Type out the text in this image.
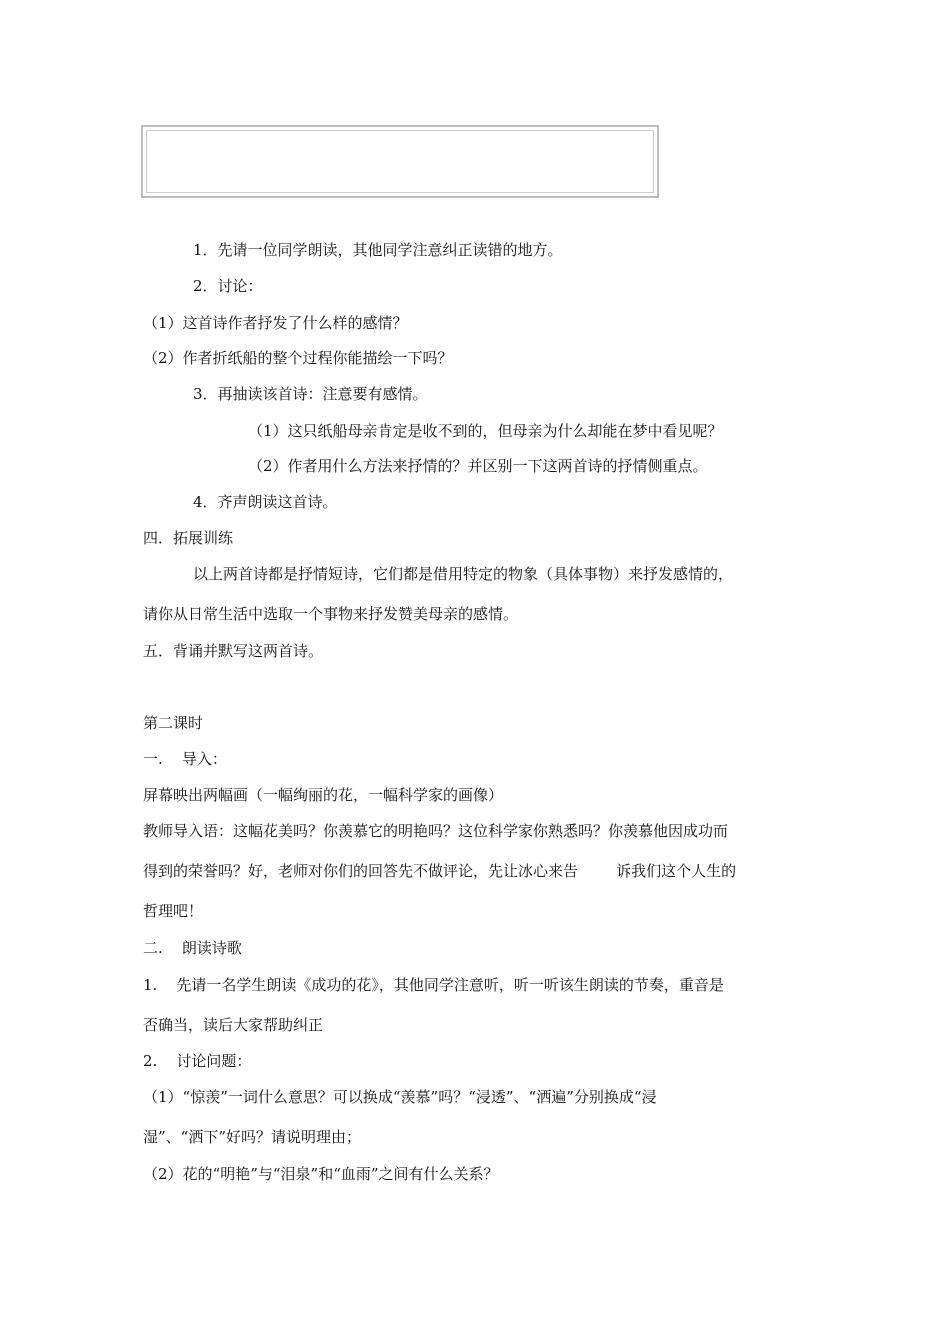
1．先请一位同学朗读，其他同学注意纠正读错的地方。
2．讨论：
（1）这首诗作者抒发了什么样的感情？
（2）作者折纸船的整个过程你能描绘一下吗？
3．再抽读该首诗：注意要有感情。
（1）这只纸船母亲肯定是收不到的，但母亲为什么却能在梦中看见呢？
（2）作者用什么方法来抒情的？并区别一下这两首诗的抒情侧重点。
4．齐声朗读这首诗。
四．拓展训练
以上两首诗都是抒情短诗，它们都是借用特定的物象（具体事物）来抒发感情的，
请你从日常生活中选取一个事物来抒发赞美母亲的感情。
五．背诵并默写这两首诗。
第二课时
一.    导入：
屏幕映出两幅画（一幅绚丽的花，一幅科学家的画像）
教师导入语：这幅花美吗？你羡慕它的明艳吗？这位科学家你熟悉吗？你羡慕他因成功而
得到的荣誉吗？好，老师对你们的回答先不做评论，先让冰心来告        诉我们这个人生的
哲理吧！
二.    朗读诗歌
1.    先请一名学生朗读《成功的花》，其他同学注意听，听一听该生朗读的节奏，重音是
否确当，读后大家帮助纠正
2.    讨论问题：
（1）“惊羡”一词什么意思？可以换成“羡慕”吗？“浸透”、“洒遍”分别换成“浸
湿”、“洒下”好吗？请说明理由；
（2）花的“明艳”与“泪泉”和“血雨”之间有什么关系？
